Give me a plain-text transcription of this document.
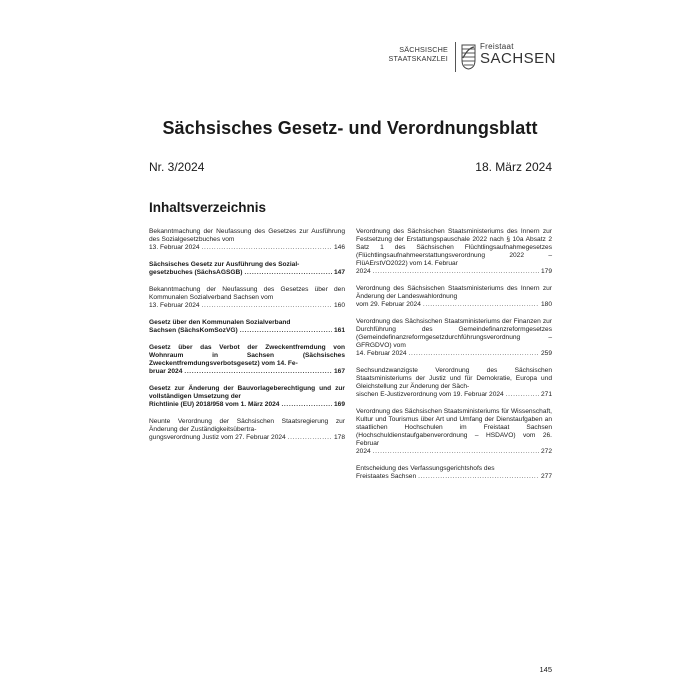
SÄCHSISCHE
STAATSKANZLEI
Freistaat
SACHSEN
Sächsisches Gesetz- und Verordnungsblatt
Nr. 3/2024	18. März 2024
Inhaltsverzeichnis
Bekanntmachung der Neufassung des Gesetzes zur Ausführung des Sozialgesetzbuches vom
13. Februar 2024 . . .	146
Sächsisches Gesetz zur Ausführung des Sozial-
gesetzbuches (SächsAGSGB) . . .	147
Bekanntmachung der Neufassung des Gesetzes über den Kommunalen Sozialverband Sachsen vom
13. Februar 2024 . . .	160
Gesetz über den Kommunalen Sozialverband
Sachsen (SächsKomSozVG) . . .	161
Gesetz über das Verbot der Zweckentfremdung von Wohnraum in Sachsen (Sächsisches Zweckentfremdungsverbotsgesetz) vom 14. Fe-
bruar 2024 . . .	167
Gesetz zur Änderung der Bauvorlageberechtigung und zur vollständigen Umsetzung der
Richtlinie (EU) 2018/958 vom 1. März 2024 . . .	169
Neunte Verordnung der Sächsischen Staatsregierung zur Änderung der Zuständigkeitsübertra-
gungsverordnung Justiz vom 27. Februar 2024 . . .	178
Verordnung des Sächsischen Staatsministeriums des Innern zur Festsetzung der Erstattungspauschale 2022 nach § 10a Absatz 2 Satz 1 des Sächsischen Flüchtlingsaufnahmegesetzes (Flüchtlingsaufnahmeerstattungsverordnung 2022 – FlüAErstVO2022) vom 14. Februar
2024 . . .	179
Verordnung des Sächsischen Staatsministeriums des Innern zur Änderung der Landeswahlordnung
vom 29. Februar 2024 . . .	180
Verordnung des Sächsischen Staatsministeriums der Finanzen zur Durchführung des Gemeindefinanzreformgesetzes (Gemeindefinanzreformgesetzdurchführungsverordnung – GFRGDVO) vom
14. Februar 2024 . . .	259
Sechsundzwanzigste Verordnung des Sächsischen Staatsministeriums der Justiz und für Demokratie, Europa und Gleichstellung zur Änderung der Säch-
sischen E-Justizverordnung vom 19. Februar 2024 . . .	271
Verordnung des Sächsischen Staatsministeriums für Wissenschaft, Kultur und Tourismus über Art und Umfang der Dienstaufgaben an staatlichen Hochschulen im Freistaat Sachsen (Hochschuldienstaufgabenverordnung – HSDAVO) vom 26. Februar
2024 . . .	272
Entscheidung des Verfassungsgerichtshofs des
Freistaates Sachsen . . .	277
145
